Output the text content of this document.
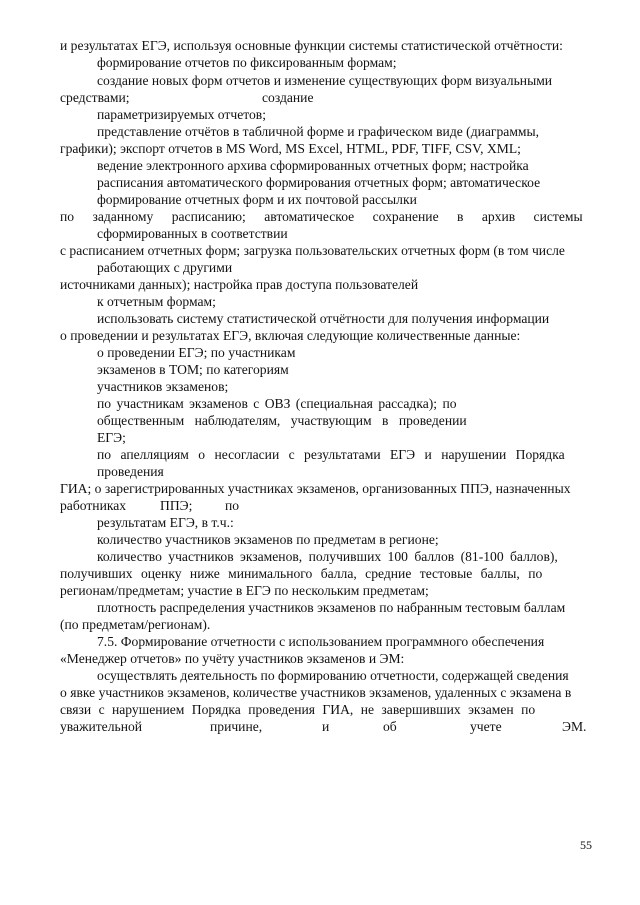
и результатах ЕГЭ, используя основные функции системы статистической отчётности:
формирование отчетов по фиксированным формам;
создание новых форм отчетов и изменение существующих форм визуальными
средствами;	создание
параметризируемых отчетов;
представление отчётов в табличной форме и графическом виде (диаграммы,
графики); экспорт отчетов в MS Word, MS Excel, HTML, PDF, TIFF, CSV, XML;
ведение электронного архива сформированных отчетных форм; настройка
расписания автоматического формирования отчетных форм; автоматическое
формирование отчетных форм и их почтовой рассылки
по заданному расписанию; автоматическое сохранение в архив системы
сформированных в соответствии
с расписанием отчетных форм; загрузка пользовательских отчетных форм (в том числе
работающих с другими
источниками данных); настройка прав доступа пользователей
к отчетным формам;
использовать систему статистической отчётности для получения информации
о проведении и результатах ЕГЭ, включая следующие количественные данные:
о проведении ЕГЭ; по участникам
экзаменов в ТОМ; по категориям
участников экзаменов;
по участникам экзаменов с ОВЗ (специальная рассадка); по
общественным наблюдателям, участвующим в проведении
ЕГЭ;
по апелляциям о несогласии с результатами ЕГЭ и нарушении Порядка
проведения
ГИА; о зарегистрированных участниках экзаменов, организованных ППЭ, назначенных
работниках ППЭ; по
результатам ЕГЭ, в т.ч.:
количество участников экзаменов по предметам в регионе;
количество участников экзаменов, получивших 100 баллов (81-100 баллов),
получивших оценку ниже минимального балла, средние тестовые баллы, по
регионам/предметам; участие в ЕГЭ по нескольким предметам;
плотность распределения участников экзаменов по набранным тестовым баллам
(по предметам/регионам).
7.5. Формирование отчетности с использованием программного обеспечения
«Менеджер отчетов» по учёту участников экзаменов и ЭМ:
осуществлять деятельность по формированию отчетности, содержащей сведения
о явке участников экзаменов, количестве участников экзаменов, удаленных с экзамена в
связи с нарушением Порядка проведения ГИА, не завершивших экзамен по
уважительной	причине,	и	об	учете	ЭМ.
55
